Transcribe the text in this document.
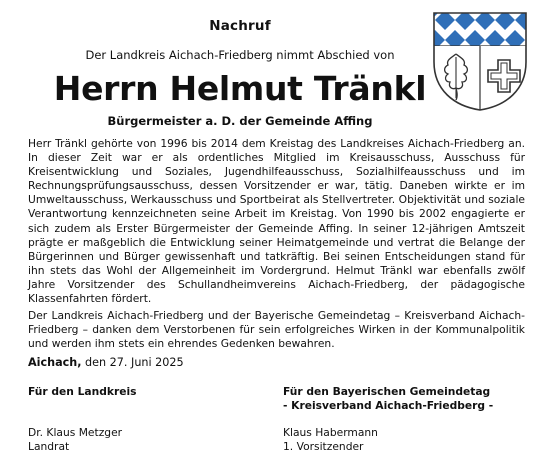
Nachruf
Der Landkreis Aichach-Friedberg nimmt Abschied von
Herrn Helmut Tränkl
Bürgermeister a. D. der Gemeinde Affing

Herr Tränkl gehörte von 1996 bis 2014 dem Kreistag des Landkreises Aichach-Friedberg an. In dieser Zeit war er als ordentliches Mitglied im Kreisausschuss, Ausschuss für Kreisentwicklung und Soziales, Jugendhilfeausschuss, Sozialhilfeausschuss und im Rechnungsprüfungsausschuss, dessen Vorsitzender er war, tätig. Daneben wirkte er im Umweltausschuss, Werkausschuss und Sportbeirat als Stellvertreter. Objektivität und soziale Verantwortung kennzeichneten seine Arbeit im Kreistag. Von 1990 bis 2002 engagierte er sich zudem als Erster Bürgermeister der Gemeinde Affing. In seiner 12-jährigen Amtszeit prägte er maßgeblich die Entwicklung seiner Heimatgemeinde und vertrat die Belange der Bürgerinnen und Bürger gewissenhaft und tatkräftig. Bei seinen Entscheidungen stand für ihn stets das Wohl der Allgemeinheit im Vordergrund. Helmut Tränkl war ebenfalls zwölf Jahre Vorsitzender des Schullandheimvereins Aichach-Friedberg, der pädagogische Klassenfahrten fördert.

Der Landkreis Aichach-Friedberg und der Bayerische Gemeindetag – Kreisverband Aichach-Friedberg – danken dem Verstorbenen für sein erfolgreiches Wirken in der Kommunalpolitik und werden ihm stets ein ehrendes Gedenken bewahren.

Aichach, den 27. Juni 2025
Für den Landkreis

Dr. Klaus Metzger
Landrat
Für den Bayerischen Gemeindetag
- Kreisverband Aichach-Friedberg -
Klaus Habermann
1. Vorsitzender
